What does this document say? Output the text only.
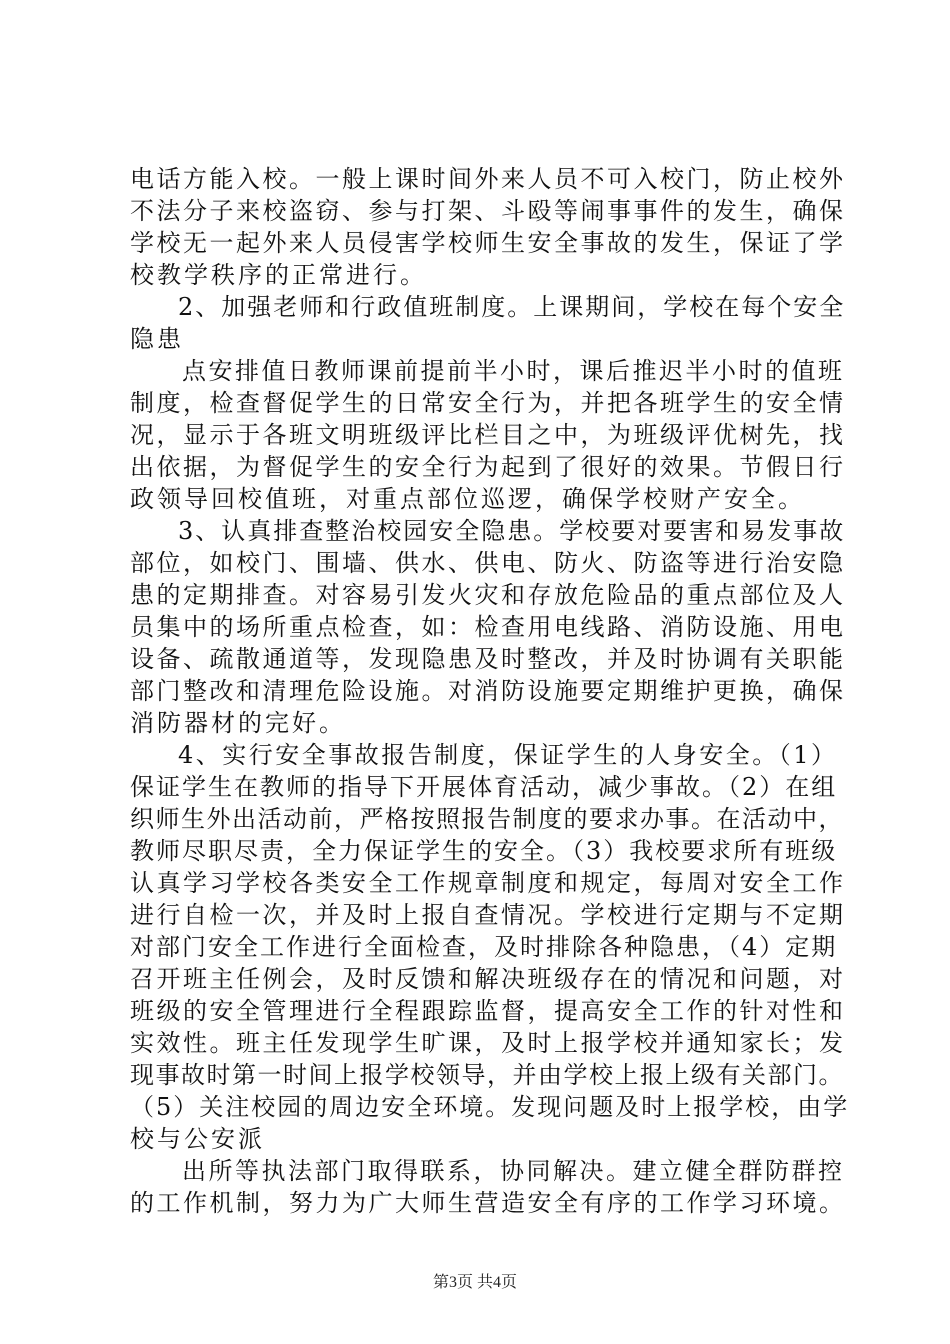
电话方能入校。一般上课时间外来人员不可入校门，防止校外
不法分子来校盗窃、参与打架、斗殴等闹事事件的发生，确保
学校无一起外来人员侵害学校师生安全事故的发生，保证了学
校教学秩序的正常进行。
2、加强老师和行政值班制度。上课期间，学校在每个安全
隐患
点安排值日教师课前提前半小时，课后推迟半小时的值班
制度，检查督促学生的日常安全行为，并把各班学生的安全情
况，显示于各班文明班级评比栏目之中，为班级评优树先，找
出依据，为督促学生的安全行为起到了很好的效果。节假日行
政领导回校值班，对重点部位巡逻，确保学校财产安全。
3、认真排查整治校园安全隐患。学校要对要害和易发事故
部位，如校门、围墙、供水、供电、防火、防盗等进行治安隐
患的定期排查。对容易引发火灾和存放危险品的重点部位及人
员集中的场所重点检查，如：检查用电线路、消防设施、用电
设备、疏散通道等，发现隐患及时整改，并及时协调有关职能
部门整改和清理危险设施。对消防设施要定期维护更换，确保
消防器材的完好。
4、实行安全事故报告制度，保证学生的人身安全。（1）
保证学生在教师的指导下开展体育活动，减少事故。（2）在组
织师生外出活动前，严格按照报告制度的要求办事。在活动中，
教师尽职尽责，全力保证学生的安全。（3）我校要求所有班级
认真学习学校各类安全工作规章制度和规定，每周对安全工作
进行自检一次，并及时上报自查情况。学校进行定期与不定期
对部门安全工作进行全面检查，及时排除各种隐患，（4）定期
召开班主任例会，及时反馈和解决班级存在的情况和问题，对
班级的安全管理进行全程跟踪监督，提高安全工作的针对性和
实效性。班主任发现学生旷课，及时上报学校并通知家长；发
现事故时第一时间上报学校领导，并由学校上报上级有关部门。
（5）关注校园的周边安全环境。发现问题及时上报学校，由学
校与公安派
出所等执法部门取得联系，协同解决。建立健全群防群控
的工作机制，努力为广大师生营造安全有序的工作学习环境。
第3页 共4页
